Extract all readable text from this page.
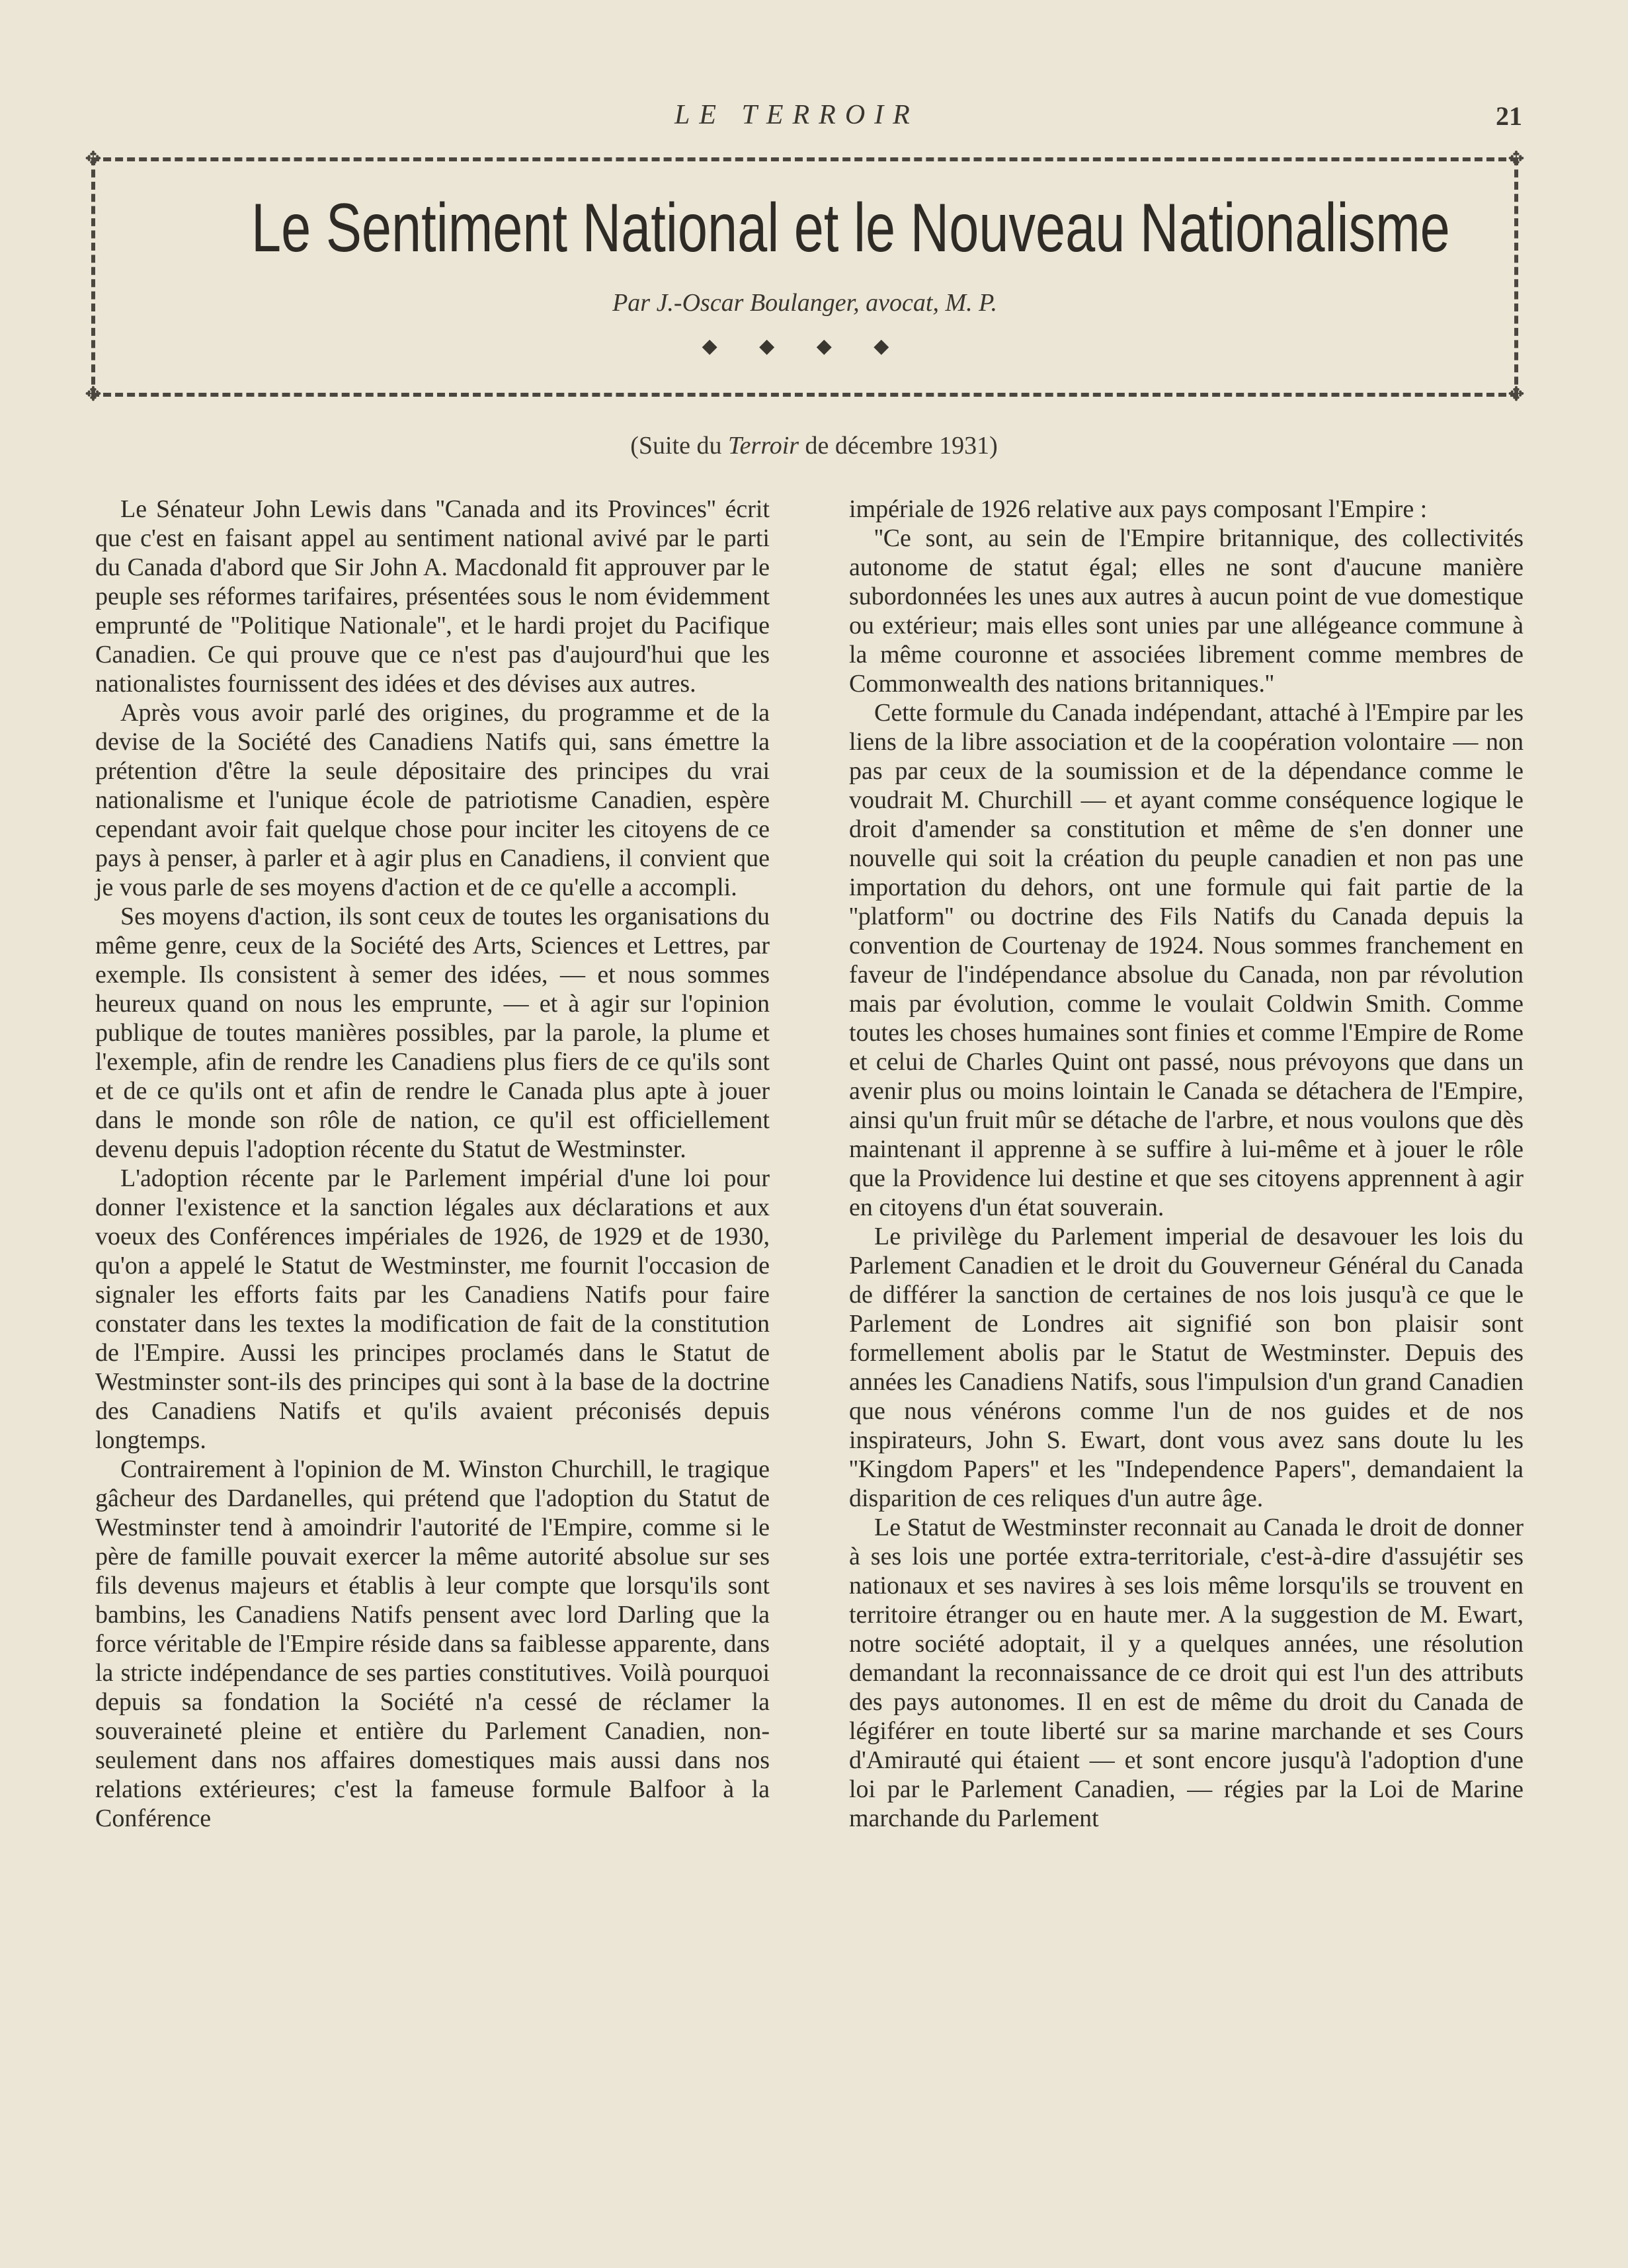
LE TERROIR	21
✥	✥
✥	✥
Le Sentiment National et le Nouveau Nationalisme
Par J.-Oscar Boulanger, avocat, M. P.
◆ ◆ ◆ ◆
(Suite du Terroir de décembre 1931)

Le Sénateur John Lewis dans ''Canada and its Provinces'' écrit que c'est en faisant appel au sentiment national avivé par le parti du Canada d'abord que Sir John A. Macdonald fit approuver par le peuple ses réformes tarifaires, présentées sous le nom évidemment emprunté de ''Politique Nationale'', et le hardi projet du Pacifique Canadien. Ce qui prouve que ce n'est pas d'aujourd'hui que les nationalistes fournissent des idées et des dévises aux autres.

Après vous avoir parlé des origines, du programme et de la devise de la Société des Canadiens Natifs qui, sans émettre la prétention d'être la seule dépositaire des principes du vrai nationalisme et l'unique école de patriotisme Canadien, espère cependant avoir fait quelque chose pour inciter les citoyens de ce pays à penser, à parler et à agir plus en Canadiens, il convient que je vous parle de ses moyens d'action et de ce qu'elle a accompli.

Ses moyens d'action, ils sont ceux de toutes les organisations du même genre, ceux de la Société des Arts, Sciences et Lettres, par exemple. Ils consistent à semer des idées, — et nous sommes heureux quand on nous les emprunte, — et à agir sur l'opinion publique de toutes manières possibles, par la parole, la plume et l'exemple, afin de rendre les Canadiens plus fiers de ce qu'ils sont et de ce qu'ils ont et afin de rendre le Canada plus apte à jouer dans le monde son rôle de nation, ce qu'il est officiellement devenu depuis l'adoption récente du Statut de Westminster.

L'adoption récente par le Parlement impérial d'une loi pour donner l'existence et la sanction légales aux déclarations et aux voeux des Conférences impériales de 1926, de 1929 et de 1930, qu'on a appelé le Statut de Westminster, me fournit l'occasion de signaler les efforts faits par les Canadiens Natifs pour faire constater dans les textes la modification de fait de la constitution de l'Empire. Aussi les principes proclamés dans le Statut de Westminster sont-ils des principes qui sont à la base de la doctrine des Canadiens Natifs et qu'ils avaient préconisés depuis longtemps.

Contrairement à l'opinion de M. Winston Churchill, le tragique gâcheur des Dardanelles, qui prétend que l'adoption du Statut de Westminster tend à amoindrir l'autorité de l'Empire, comme si le père de famille pouvait exercer la même autorité absolue sur ses fils devenus majeurs et établis à leur compte que lorsqu'ils sont bambins, les Canadiens Natifs pensent avec lord Darling que la force véritable de l'Empire réside dans sa faiblesse apparente, dans la stricte indépendance de ses parties constitutives. Voilà pourquoi depuis sa fondation la Société n'a cessé de réclamer la souveraineté pleine et entière du Parlement Canadien, non-seulement dans nos affaires domestiques mais aussi dans nos relations extérieures; c'est la fameuse formule Balfoor à la Conférence

impériale de 1926 relative aux pays composant l'Empire :

''Ce sont, au sein de l'Empire britannique, des collectivités autonome de statut égal; elles ne sont d'aucune manière subordonnées les unes aux autres à aucun point de vue domestique ou extérieur; mais elles sont unies par une allégeance commune à la même couronne et associées librement comme membres de Commonwealth des nations britanniques.''

Cette formule du Canada indépendant, attaché à l'Empire par les liens de la libre association et de la coopération volontaire — non pas par ceux de la soumission et de la dépendance comme le voudrait M. Churchill — et ayant comme conséquence logique le droit d'amender sa constitution et même de s'en donner une nouvelle qui soit la création du peuple canadien et non pas une importation du dehors, ont une formule qui fait partie de la ''platform'' ou doctrine des Fils Natifs du Canada depuis la convention de Courtenay de 1924. Nous sommes franchement en faveur de l'indépendance absolue du Canada, non par révolution mais par évolution, comme le voulait Coldwin Smith. Comme toutes les choses humaines sont finies et comme l'Empire de Rome et celui de Charles Quint ont passé, nous prévoyons que dans un avenir plus ou moins lointain le Canada se détachera de l'Empire, ainsi qu'un fruit mûr se détache de l'arbre, et nous voulons que dès maintenant il apprenne à se suffire à lui-même et à jouer le rôle que la Providence lui destine et que ses citoyens apprennent à agir en citoyens d'un état souverain.

Le privilège du Parlement imperial de desavouer les lois du Parlement Canadien et le droit du Gouverneur Général du Canada de différer la sanction de certaines de nos lois jusqu'à ce que le Parlement de Londres ait signifié son bon plaisir sont formellement abolis par le Statut de Westminster. Depuis des années les Canadiens Natifs, sous l'impulsion d'un grand Canadien que nous vénérons comme l'un de nos guides et de nos inspirateurs, John S. Ewart, dont vous avez sans doute lu les ''Kingdom Papers'' et les ''Independence Papers'', demandaient la disparition de ces reliques d'un autre âge.

Le Statut de Westminster reconnait au Canada le droit de donner à ses lois une portée extra-territoriale, c'est-à-dire d'assujétir ses nationaux et ses navires à ses lois même lorsqu'ils se trouvent en territoire étranger ou en haute mer. A la suggestion de M. Ewart, notre société adoptait, il y a quelques années, une résolution demandant la reconnaissance de ce droit qui est l'un des attributs des pays autonomes. Il en est de même du droit du Canada de légiférer en toute liberté sur sa marine marchande et ses Cours d'Amirauté qui étaient — et sont encore jusqu'à l'adoption d'une loi par le Parlement Canadien, — régies par la Loi de Marine marchande du Parlement
